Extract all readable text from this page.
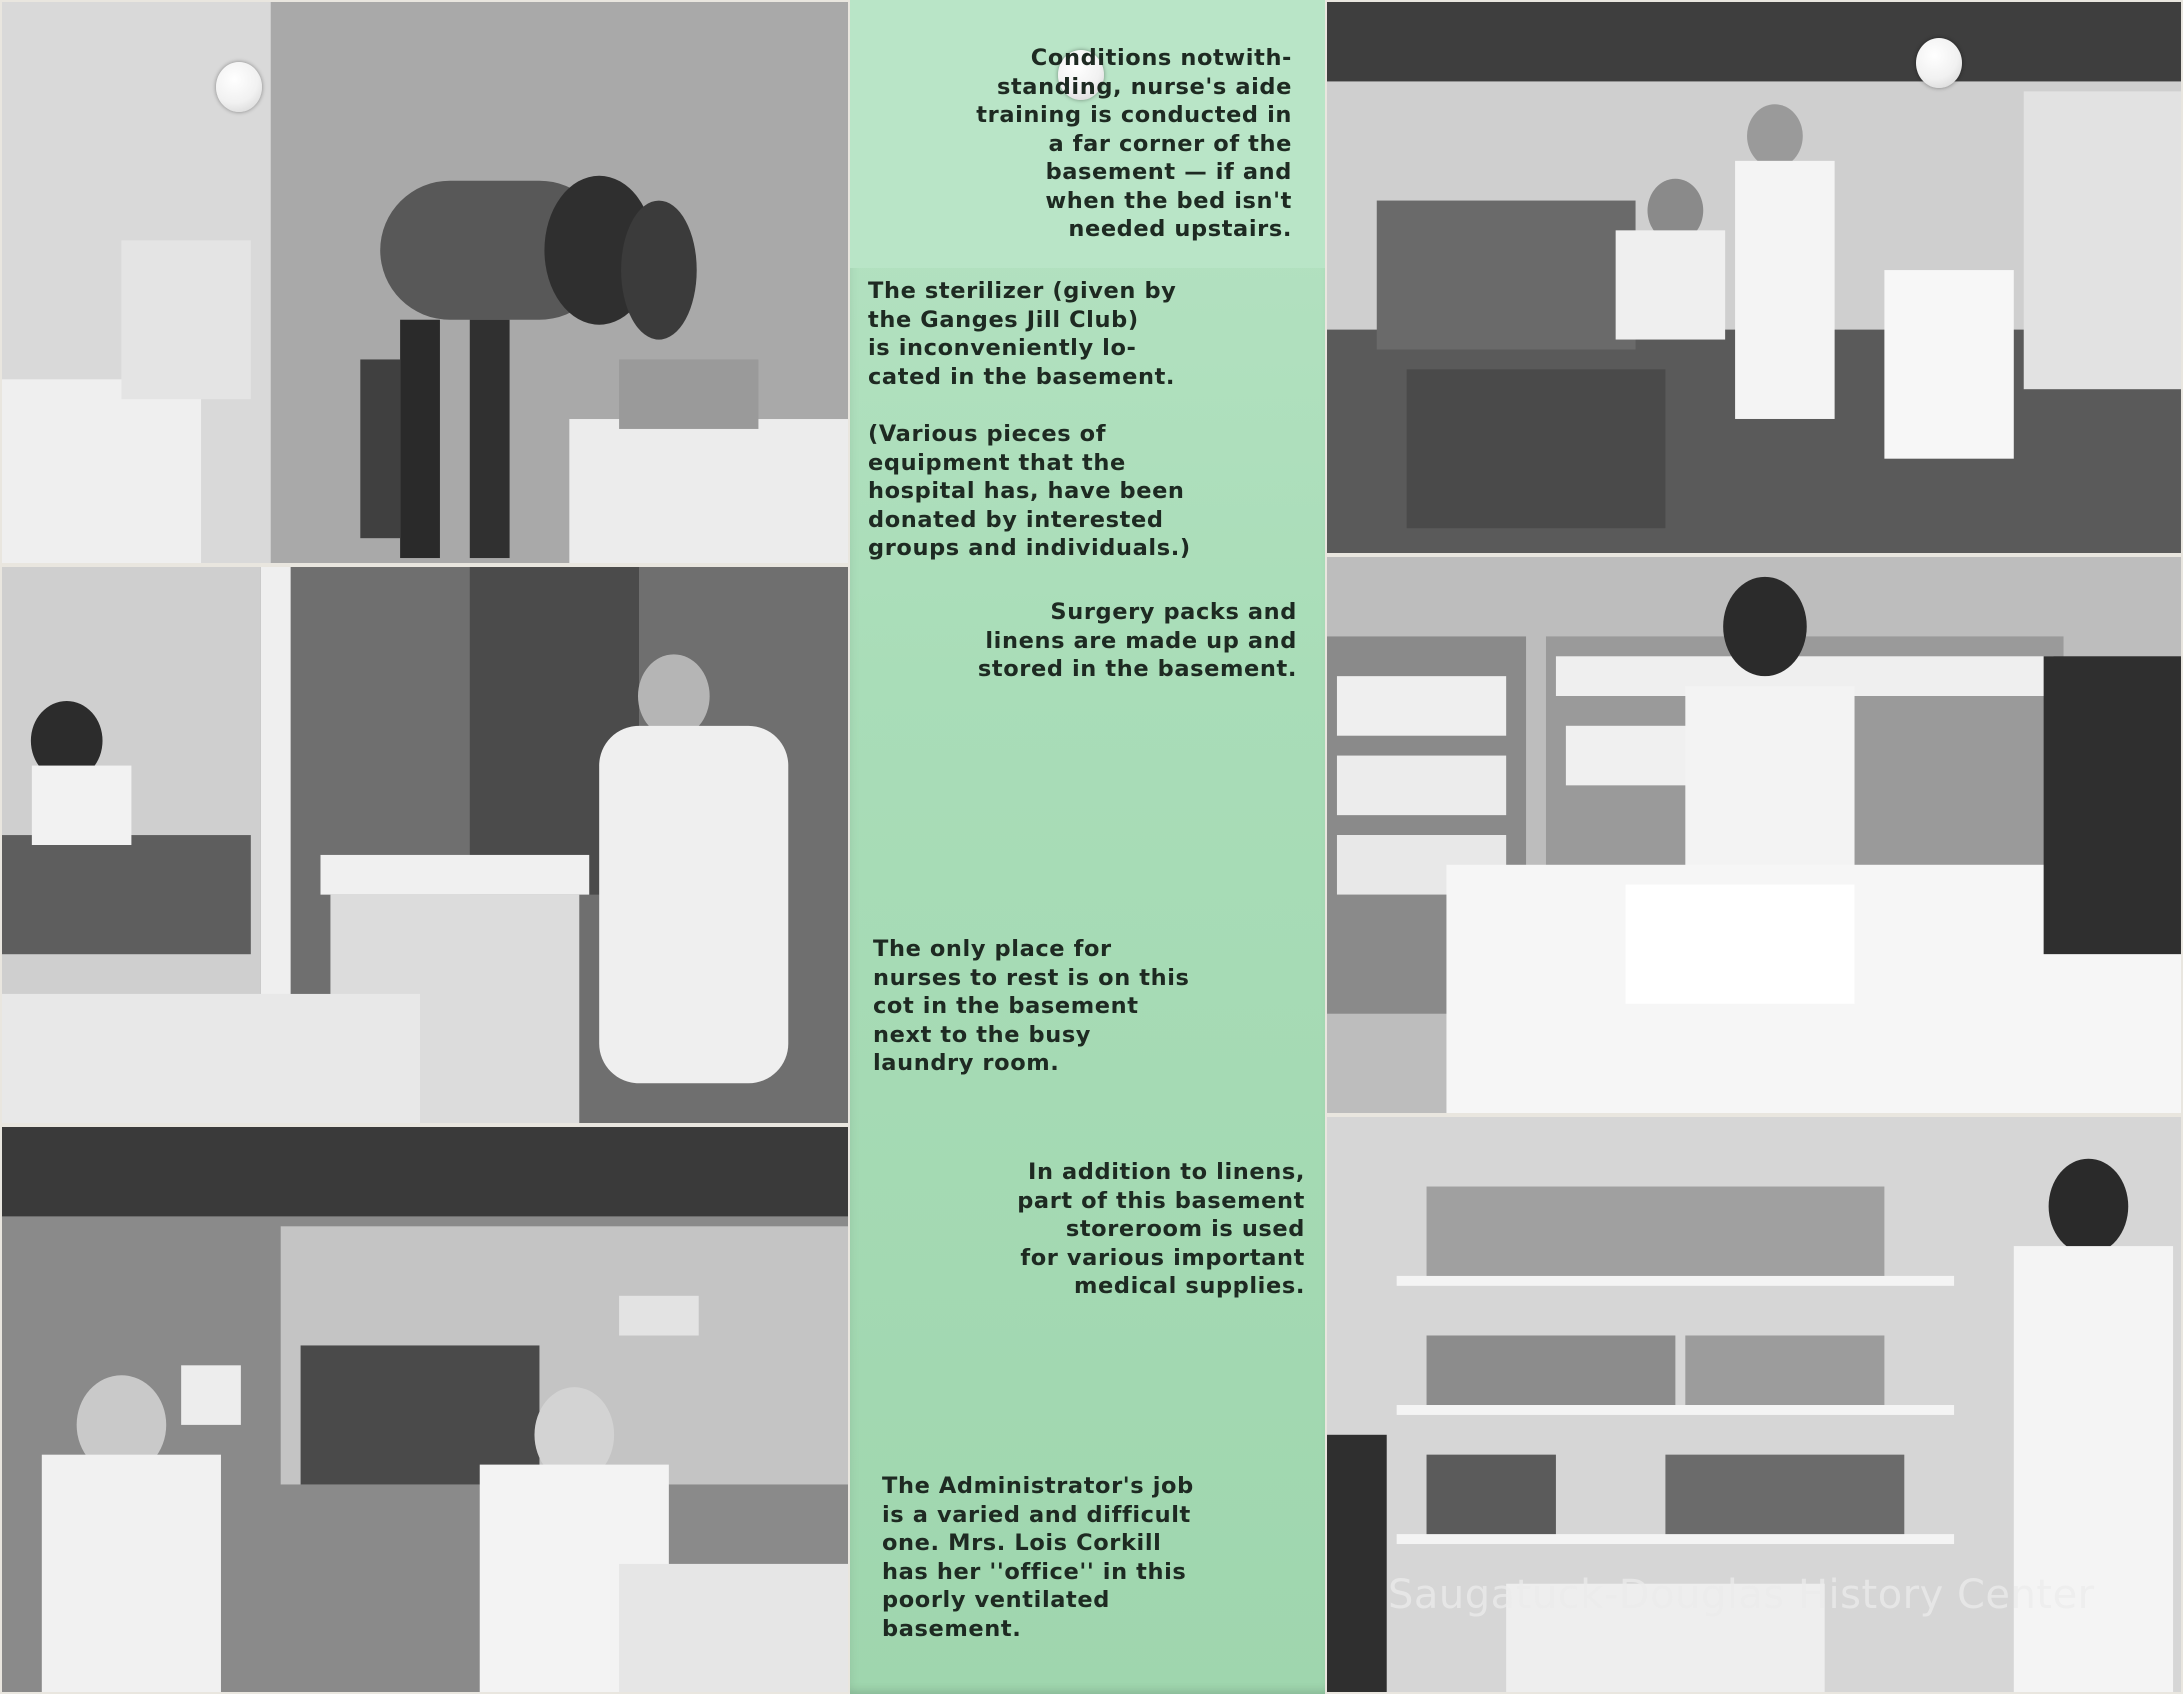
Conditions notwith-
standing, nurse's aide
training is conducted in
a far corner of the
basement — if and
when the bed isn't
needed upstairs.

The sterilizer (given by
the Ganges Jill Club)
is inconveniently lo-
cated in the basement.

(Various pieces of
equipment that the
hospital has, have been
donated by interested
groups and individuals.)

Surgery packs and
linens are made up and
stored in the basement.

The only place for
nurses to rest is on this
cot in the basement
next to the busy
laundry room.

In addition to linens,
part of this basement
storeroom is used
for various important
medical supplies.

The Administrator's job
is a varied and difficult
one. Mrs. Lois Corkill
has her ''office'' in this
poorly ventilated
basement.

Saugatuck-Douglas History Center
